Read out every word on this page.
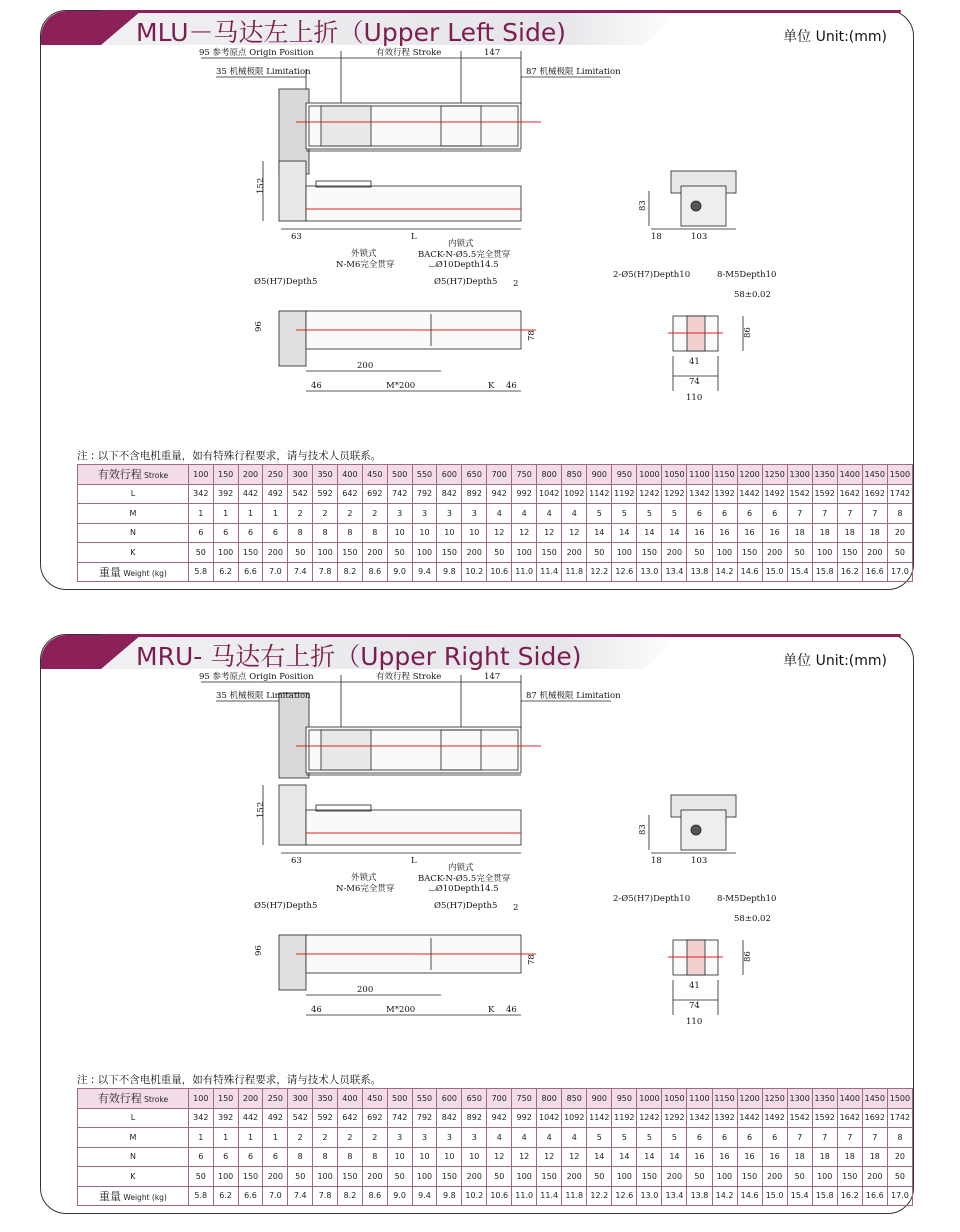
MLU－马达左上折（Upper Left Side)	单位 Unit:(mm)
95 参考原点 Origin Position	有效行程 Stroke	147
35 机械极限 Limitation	87 机械极限 Limitation
152
63	L
83
18	103
外锁式
N-M6完全贯穿
内锁式
BACK-N-Ø5.5完全贯穿
⌴Ø10Depth14.5
Ø5(H7)Depth5	Ø5(H7)Depth5 2
96
78
200
46	M*200	K 46
2-Ø5(H7)Depth10	8-M5Depth10
58±0.02
86
41
74
110
注 : 以下不含电机重量，如有特殊行程要求，请与技术人员联系。
有效行程 Stroke	100	150	200	250	300	350	400	450	500	550	600	650	700	750	800	850	900	950	1000	1050	1100	1150	1200	1250	1300	1350	1400	1450	1500
L	342	392	442	492	542	592	642	692	742	792	842	892	942	992	1042	1092	1142	1192	1242	1292	1342	1392	1442	1492	1542	1592	1642	1692	1742
M	1	1	1	1	2	2	2	2	3	3	3	3	4	4	4	4	5	5	5	5	6	6	6	6	7	7	7	7	8
N	6	6	6	6	8	8	8	8	10	10	10	10	12	12	12	12	14	14	14	14	16	16	16	16	18	18	18	18	20
K	50	100	150	200	50	100	150	200	50	100	150	200	50	100	150	200	50	100	150	200	50	100	150	200	50	100	150	200	50
重量 Weight (kg)	5.8	6.2	6.6	7.0	7.4	7.8	8.2	8.6	9.0	9.4	9.8	10.2	10.6	11.0	11.4	11.8	12.2	12.6	13.0	13.4	13.8	14.2	14.6	15.0	15.4	15.8	16.2	16.6	17.0
MRU- 马达右上折（Upper Right Side)	单位 Unit:(mm)
95 参考原点 Origin Position	有效行程 Stroke	147
35 机械极限 Limitation	87 机械极限 Limitation
152
63	L
83
18	103
外锁式
N-M6完全贯穿
内锁式
BACK-N-Ø5.5完全贯穿
⌴Ø10Depth14.5
Ø5(H7)Depth5	Ø5(H7)Depth5 2
96
78
200
46	M*200	K 46
2-Ø5(H7)Depth10	8-M5Depth10
58±0.02
86
41
74
110
注 : 以下不含电机重量，如有特殊行程要求，请与技术人员联系。
有效行程 Stroke	100	150	200	250	300	350	400	450	500	550	600	650	700	750	800	850	900	950	1000	1050	1100	1150	1200	1250	1300	1350	1400	1450	1500
L	342	392	442	492	542	592	642	692	742	792	842	892	942	992	1042	1092	1142	1192	1242	1292	1342	1392	1442	1492	1542	1592	1642	1692	1742
M	1	1	1	1	2	2	2	2	3	3	3	3	4	4	4	4	5	5	5	5	6	6	6	6	7	7	7	7	8
N	6	6	6	6	8	8	8	8	10	10	10	10	12	12	12	12	14	14	14	14	16	16	16	16	18	18	18	18	20
K	50	100	150	200	50	100	150	200	50	100	150	200	50	100	150	200	50	100	150	200	50	100	150	200	50	100	150	200	50
重量 Weight (kg)	5.8	6.2	6.6	7.0	7.4	7.8	8.2	8.6	9.0	9.4	9.8	10.2	10.6	11.0	11.4	11.8	12.2	12.6	13.0	13.4	13.8	14.2	14.6	15.0	15.4	15.8	16.2	16.6	17.0
